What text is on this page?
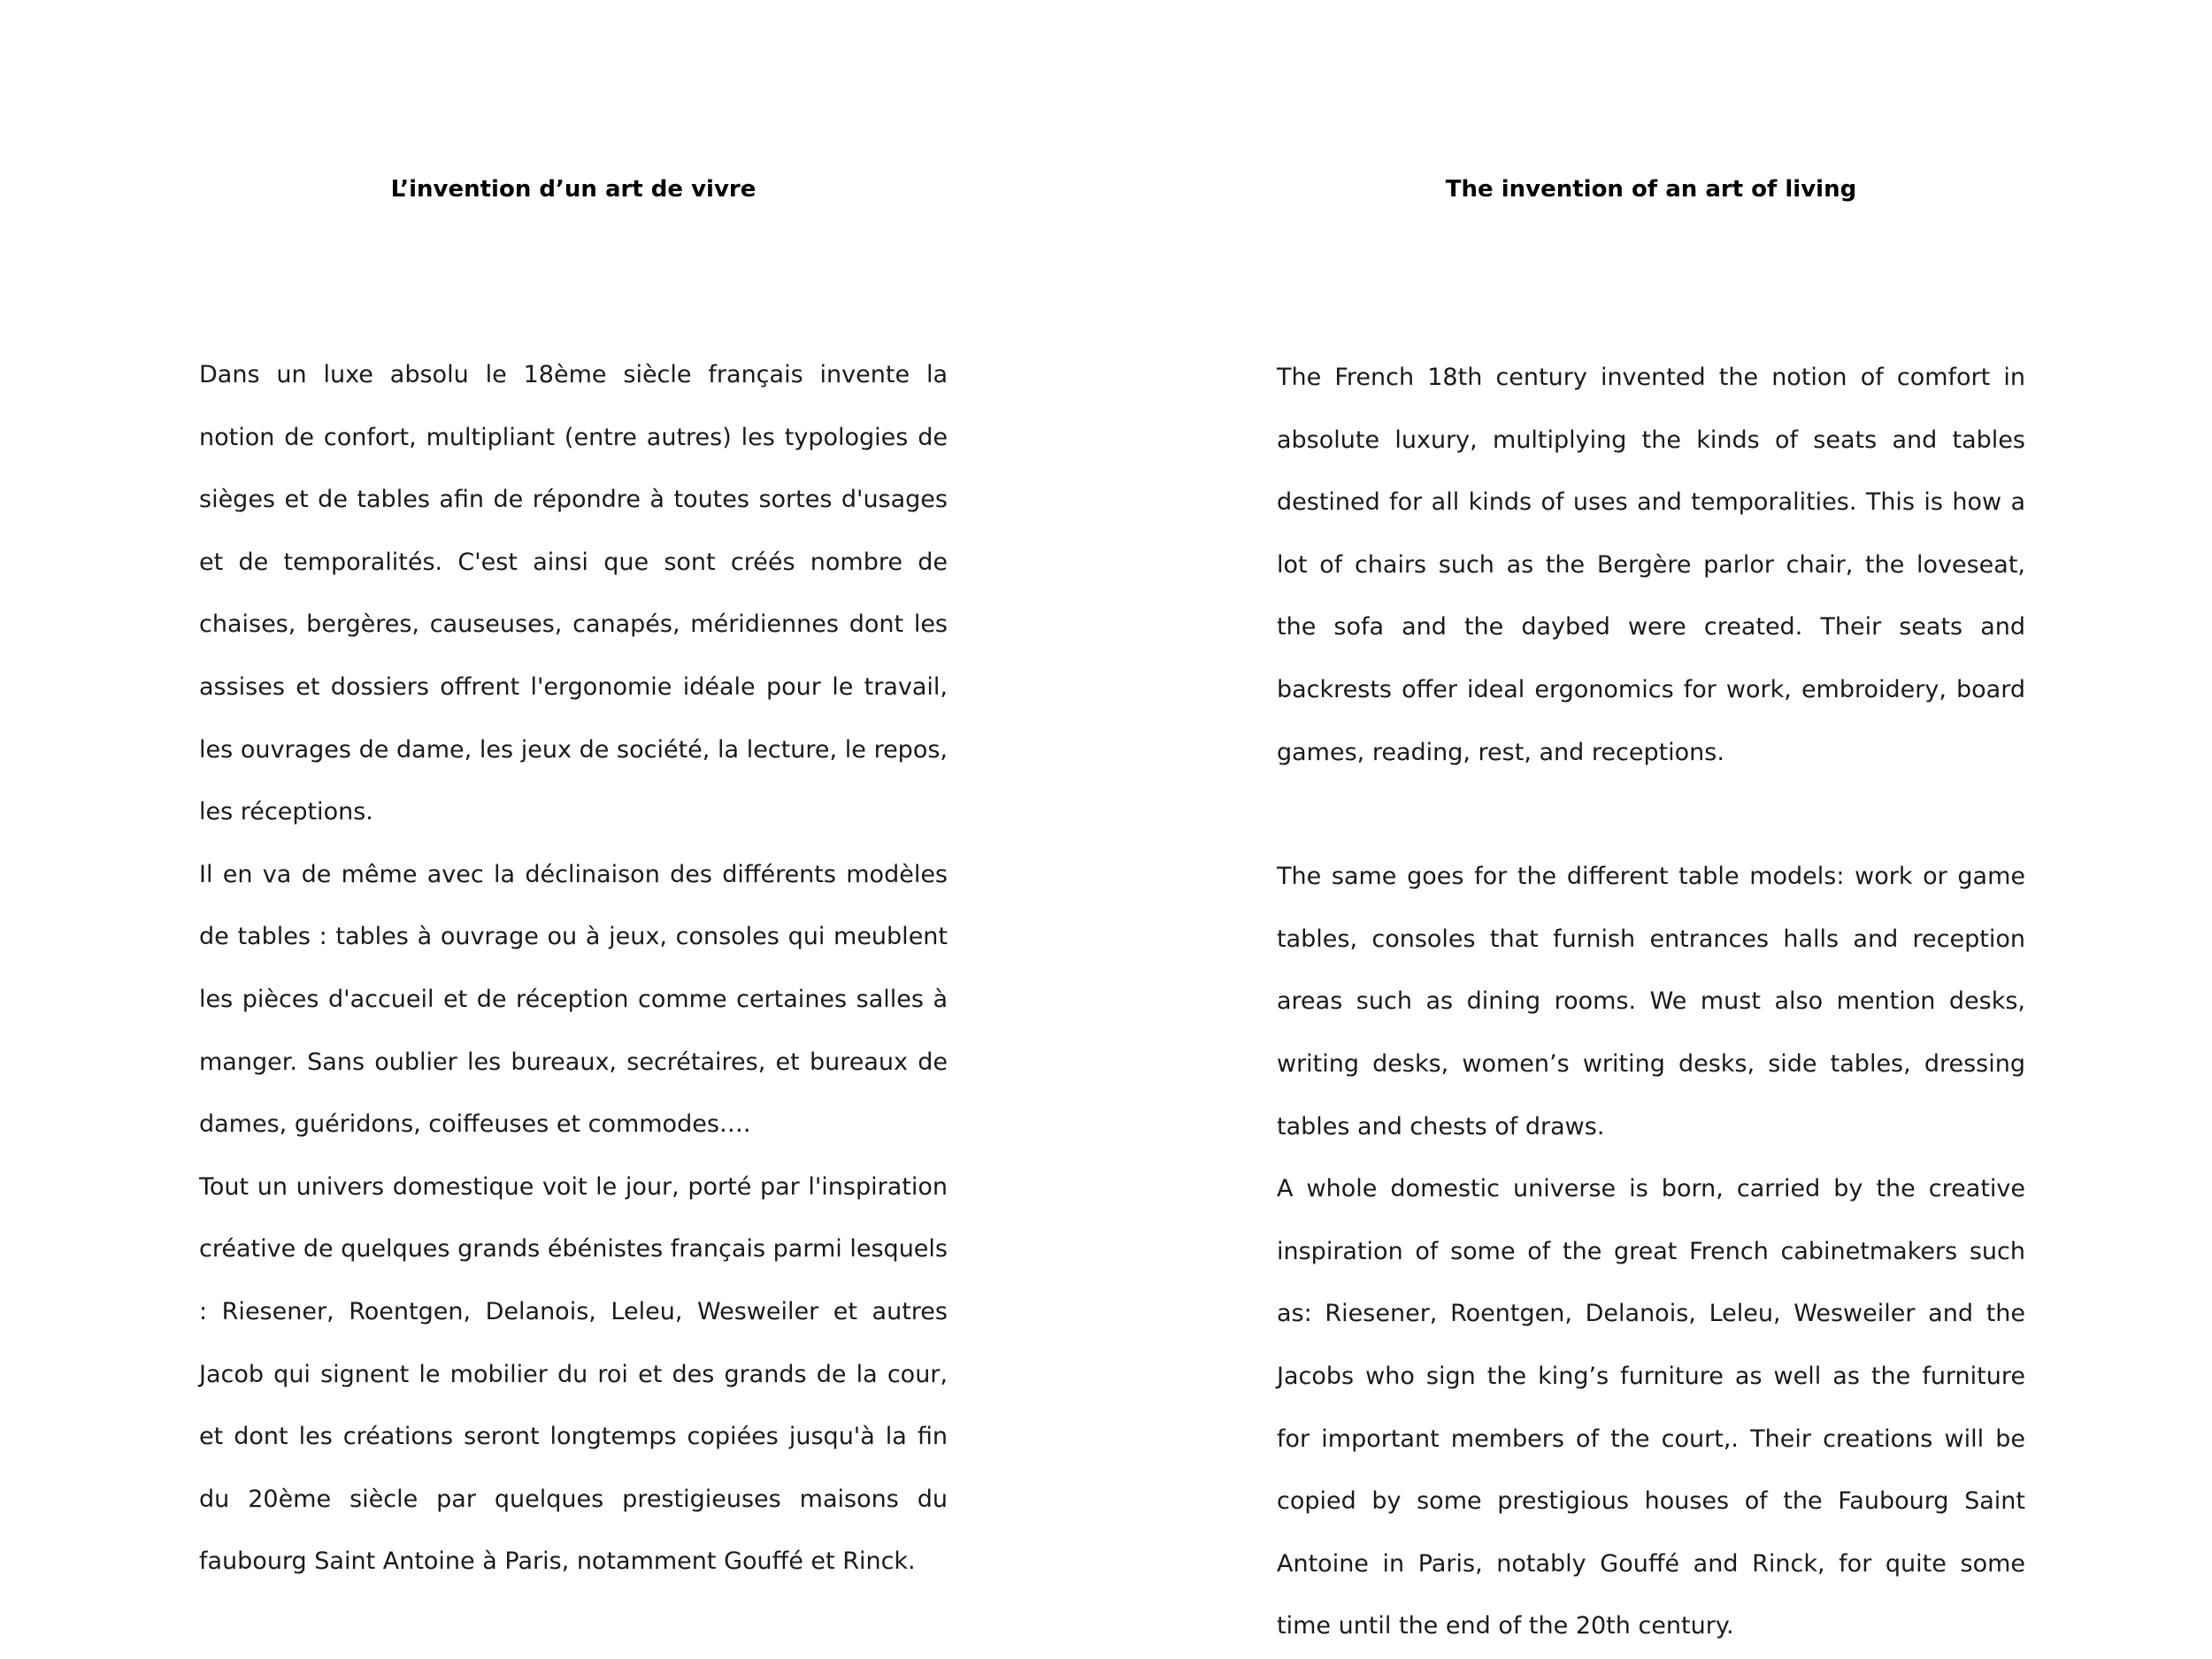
L’invention d’un art de vivre

Dans un luxe absolu le 18ème siècle français invente la notion de confort, multipliant (entre autres) les typologies de sièges et de tables afin de répondre à toutes sortes d'usages et de temporalités. C'est ainsi que sont créés nombre de chaises, bergères, causeuses, canapés, méridiennes dont les assises et dossiers offrent l'ergonomie idéale pour le travail, les ouvrages de dame, les jeux de société, la lecture, le repos, les réceptions.

Il en va de même avec la déclinaison des différents modèles de tables : tables à ouvrage ou à jeux, consoles qui meublent les pièces d'accueil et de réception comme certaines salles à manger. Sans oublier les bureaux, secrétaires, et bureaux de dames, guéridons, coiffeuses et commodes….

Tout un univers domestique voit le jour, porté par l'inspiration créative de quelques grands ébénistes français parmi lesquels : Riesener, Roentgen, Delanois, Leleu, Wesweiler et autres Jacob qui signent le mobilier du roi et des grands de la cour, et dont les créations seront longtemps copiées jusqu'à la fin du 20ème siècle par quelques prestigieuses maisons du faubourg Saint Antoine à Paris, notamment Gouffé et Rinck.

The invention of an art of living

The French 18th century invented the notion of comfort in absolute luxury, multiplying the kinds of seats and tables destined for all kinds of uses and temporalities. This is how a lot of chairs such as the Bergère parlor chair, the loveseat, the sofa and the daybed were created. Their seats and backrests offer ideal ergonomics for work, embroidery, board games, reading, rest, and receptions.

The same goes for the different table models: work or game tables, consoles that furnish entrances halls and reception areas such as dining rooms. We must also mention desks, writing desks, women’s writing desks, side tables, dressing tables and chests of draws.

A whole domestic universe is born, carried by the creative inspiration of some of the great French cabinetmakers such as: Riesener, Roentgen, Delanois, Leleu, Wesweiler and the Jacobs who sign the king’s furniture as well as the furniture for important members of the court,. Their creations will be copied by some prestigious houses of the Faubourg Saint Antoine in Paris, notably Gouffé and Rinck, for quite some time until the end of the 20th century.
